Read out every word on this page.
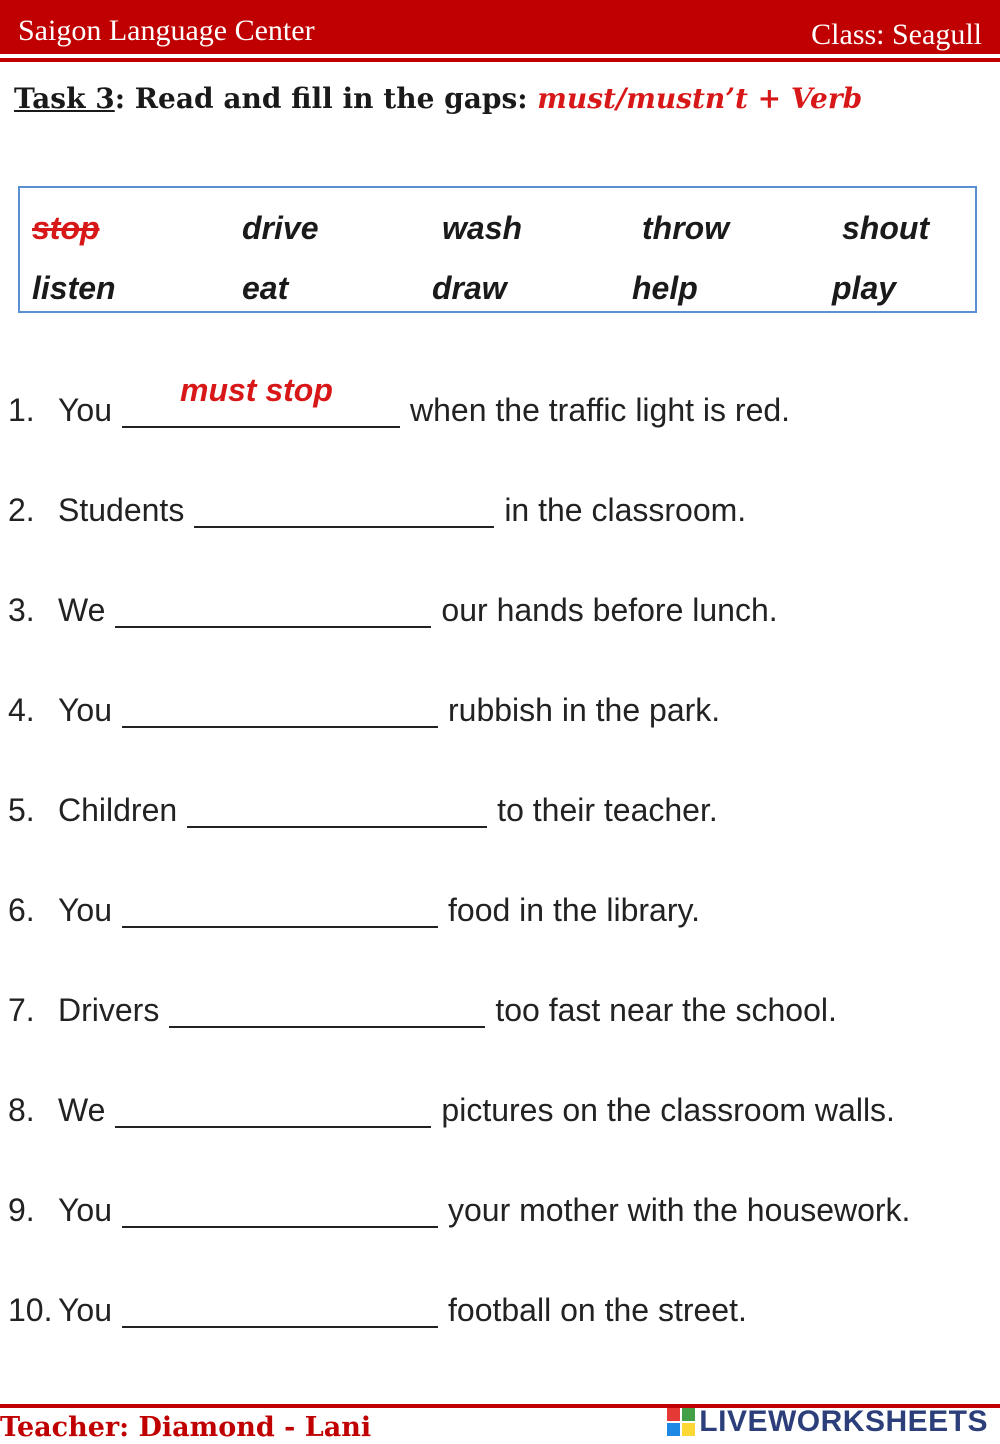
Saigon Language Center	Class: Seagull
Task 3: Read and fill in the gaps: must/mustn’t + Verb
stop	drive	wash	throw	shout
listen	eat	draw	help	play
1. You
must stop
when the traffic light is red.
2. Students	in the classroom.
3. We	our hands before lunch.
4. You	rubbish in the park.
5. Children	to their teacher.
6. You	food in the library.
7. Drivers	too fast near the school.
8. We	pictures on the classroom walls.
9. You	your mother with the housework.
10. You	football on the street.
Teacher: Diamond - Lani	LIVEWORKSHEETS
